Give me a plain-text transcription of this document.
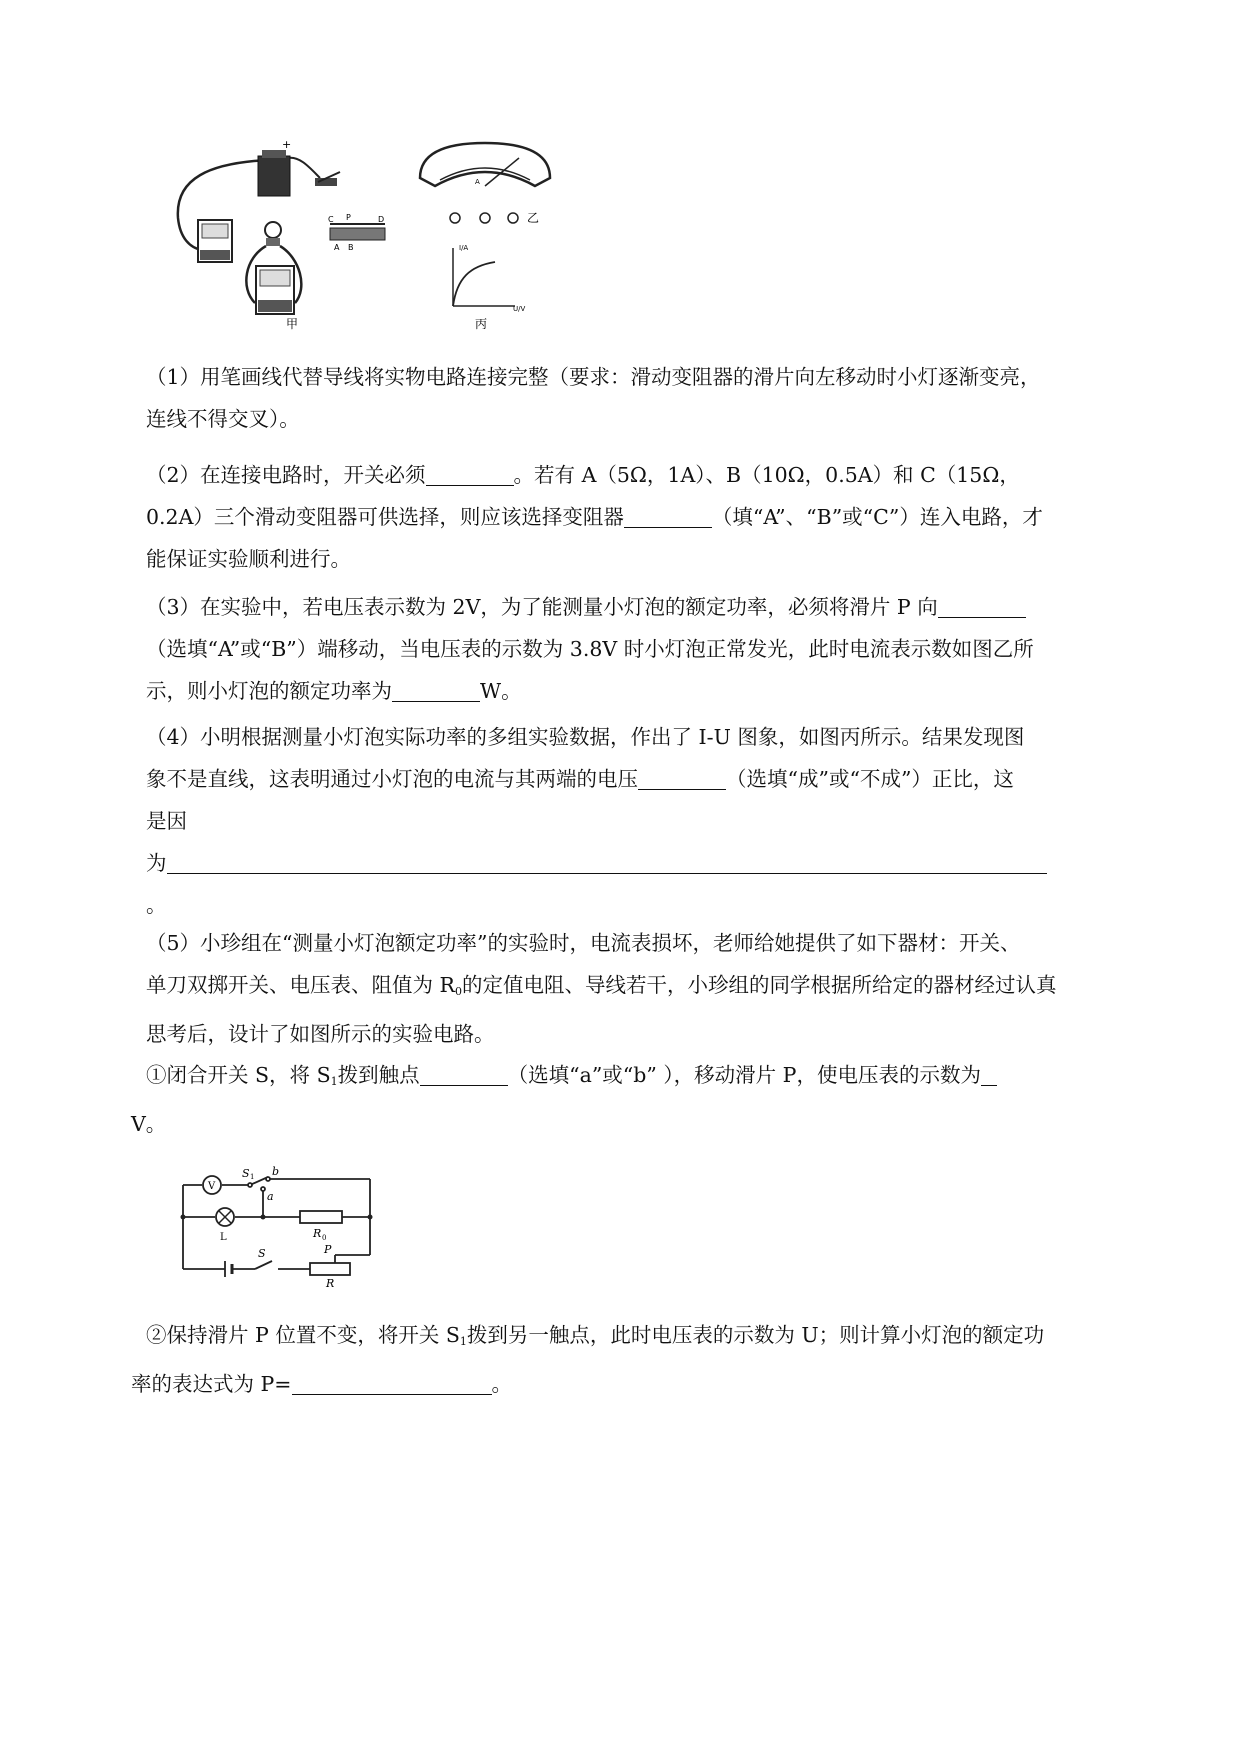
+
C P	D
A B
甲
A
乙
I/A
U/V
丙

（1）用笔画线代替导线将实物电路连接完整（要求：滑动变阻器的滑片向左移动时小灯逐渐变亮，
连线不得交叉）。

（2）在连接电路时，开关必须	。若有 A（5Ω，1A）、B（10Ω，0.5A）和 C（15Ω，
0.2A）三个滑动变阻器可供选择，则应该选择变阻器	（填“A”、“B”或“C”）连入电路，才
能保证实验顺利进行。

（3）在实验中，若电压表示数为 2V，为了能测量小灯泡的额定功率，必须将滑片 P 向
（选填“A”或“B”）端移动，当电压表的示数为 3.8V 时小灯泡正常发光，此时电流表示数如图乙所
示，则小灯泡的额定功率为	W。

（4）小明根据测量小灯泡实际功率的多组实验数据，作出了 I-U 图象，如图丙所示。结果发现图
象不是直线，这表明通过小灯泡的电流与其两端的电压	（选填“成”或“不成”）正比，这
是因
为
。

（5）小珍组在“测量小灯泡额定功率”的实验时，电流表损坏，老师给她提供了如下器材：开关、
单刀双掷开关、电压表、阻值为 $R_0$的定值电阻、导线若干，小珍组的同学根据所给定的器材经过认真
思考后，设计了如图所示的实验电路。

①闭合开关 S，将 $S_1$拨到触点	（选填“a”或“b” ），移动滑片 P，使电压表的示数为
V。

V
S 1 b
a
L	R 0
S	P
R

②保持滑片 P 位置不变，将开关 $S_1$拨到另一触点，此时电压表的示数为 U；则计算小灯泡的额定功
率的表达式为 P=	。
